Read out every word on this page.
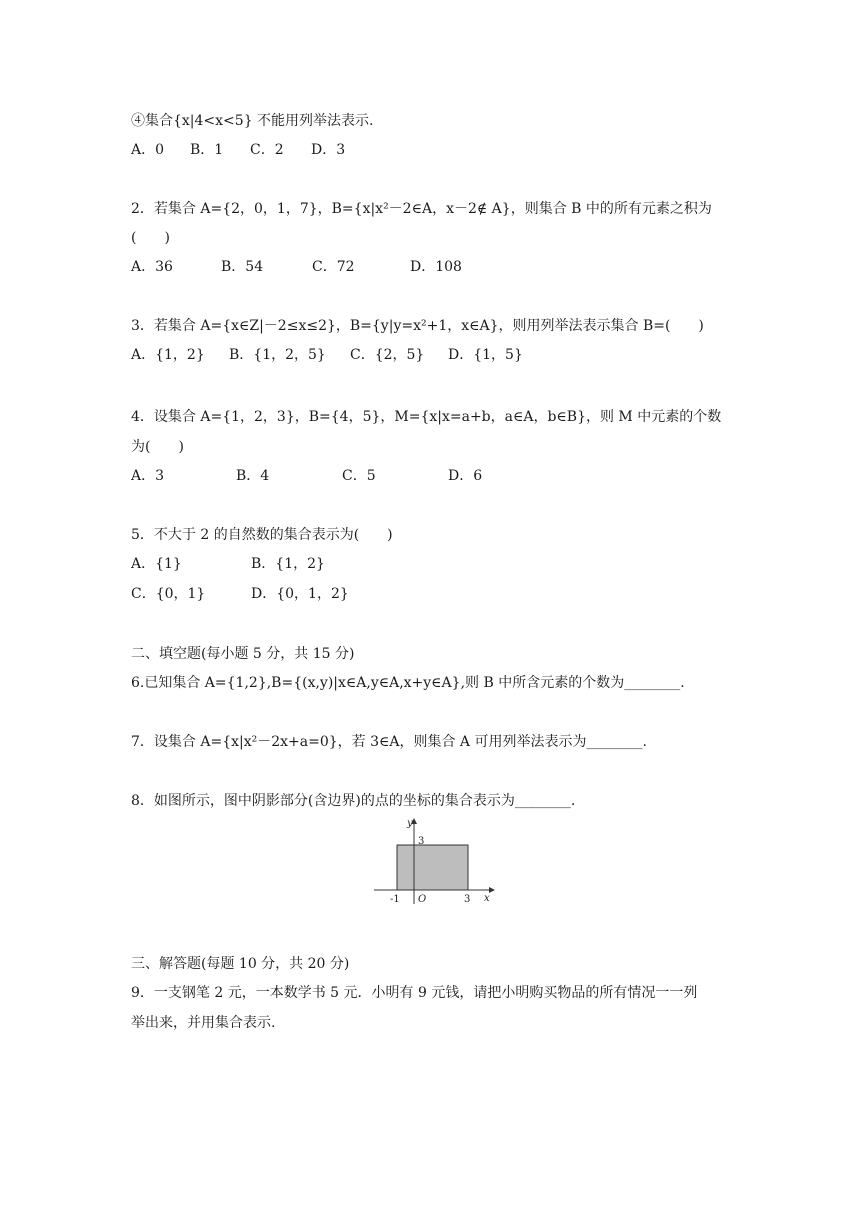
④集合{x|4<x<5} 不能用列举法表示.
A．0 B．1 C．2 D．3
2．若集合 A={2，0，1，7}，B={x|x²－2∈A，x－2∉ A}，则集合 B 中的所有元素之积为
(　　)
A．36	B．54	C．72	D．108
3．若集合 A={x∈Z|－2≤x≤2}，B={y|y=x²+1，x∈A}，则用列举法表示集合 B=(　　)
A．{1，2} B．{1，2，5} C．{2，5} D．{1，5}
4．设集合 A={1，2，3}，B={4，5}，M={x|x=a+b，a∈A，b∈B}，则 M 中元素的个数
为(　　)
A．3	B．4	C．5	D．6
5．不大于 2 的自然数的集合表示为(　　)
A．{1}	B．{1，2}
C．{0，1}	D．{0，1，2}
二、填空题(每小题 5 分，共 15 分)
6.已知集合 A={1,2},B={(x,y)|x∈A,y∈A,x+y∈A},则 B 中所含元素的个数为________.
7．设集合 A={x|x²－2x+a=0}，若 3∈A，则集合 A 可用列举法表示为________.
8．如图所示，图中阴影部分(含边界)的点的坐标的集合表示为________.
y
x
3
O
-1	3
三、解答题(每题 10 分，共 20 分)
9．一支钢笔 2 元，一本数学书 5 元．小明有 9 元钱，请把小明购买物品的所有情况一一列
举出来，并用集合表示.
